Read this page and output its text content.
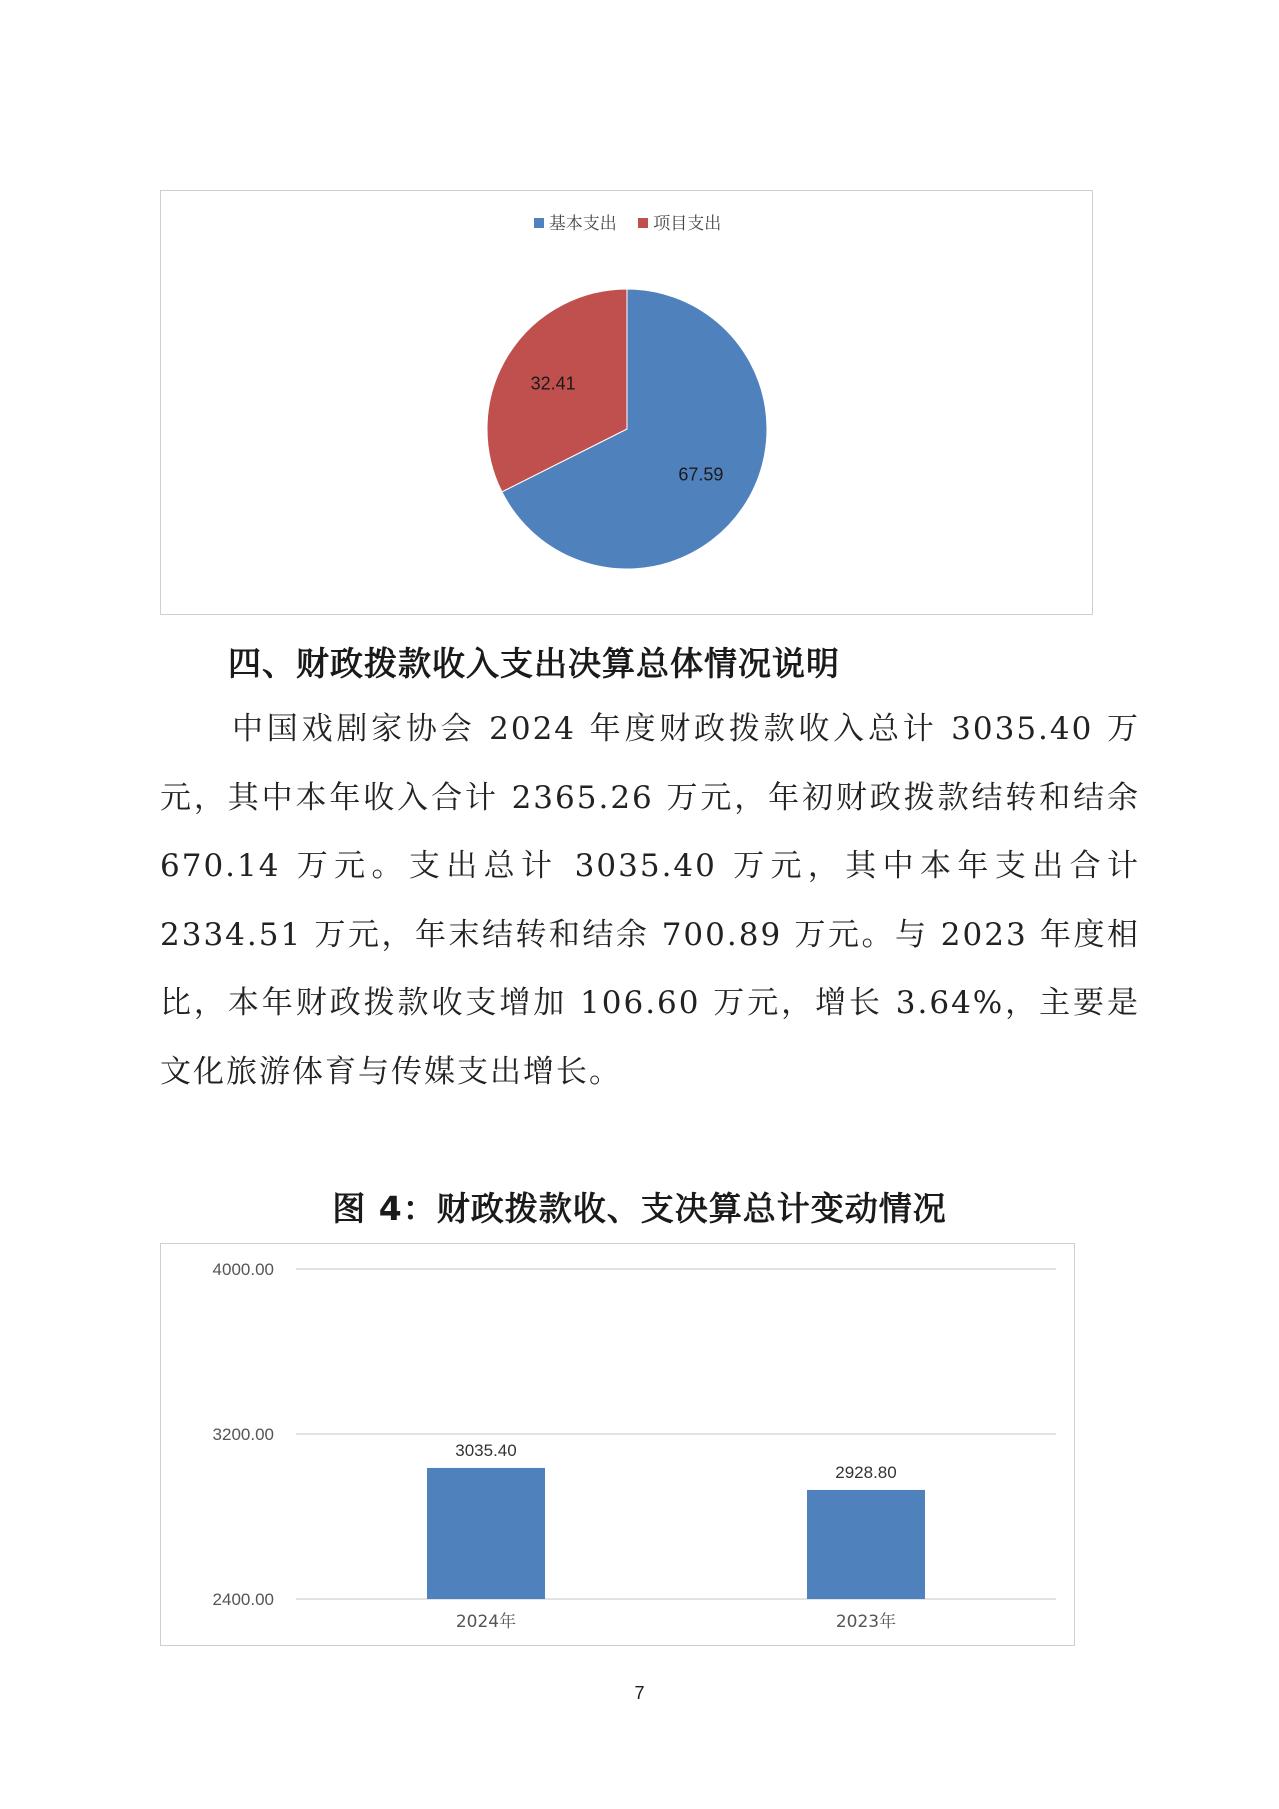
基本支出 项目支出
67.59
32.41
四、财政拨款收入支出决算总体情况说明
中国戏剧家协会 2024 年度财政拨款收入总计 3035.40 万元，其中本年收入合计 2365.26 万元，年初财政拨款结转和结余 670.14 万元。支出总计 3035.40 万元，其中本年支出合计 2334.51 万元，年末结转和结余 700.89 万元。与 2023 年度相比，本年财政拨款收支增加 106.60 万元，增长 3.64%，主要是文化旅游体育与传媒支出增长。
图 4：财政拨款收、支决算总计变动情况
4000.00
3200.00
2400.00
3035.40
2024年
2928.80
2023年
7
